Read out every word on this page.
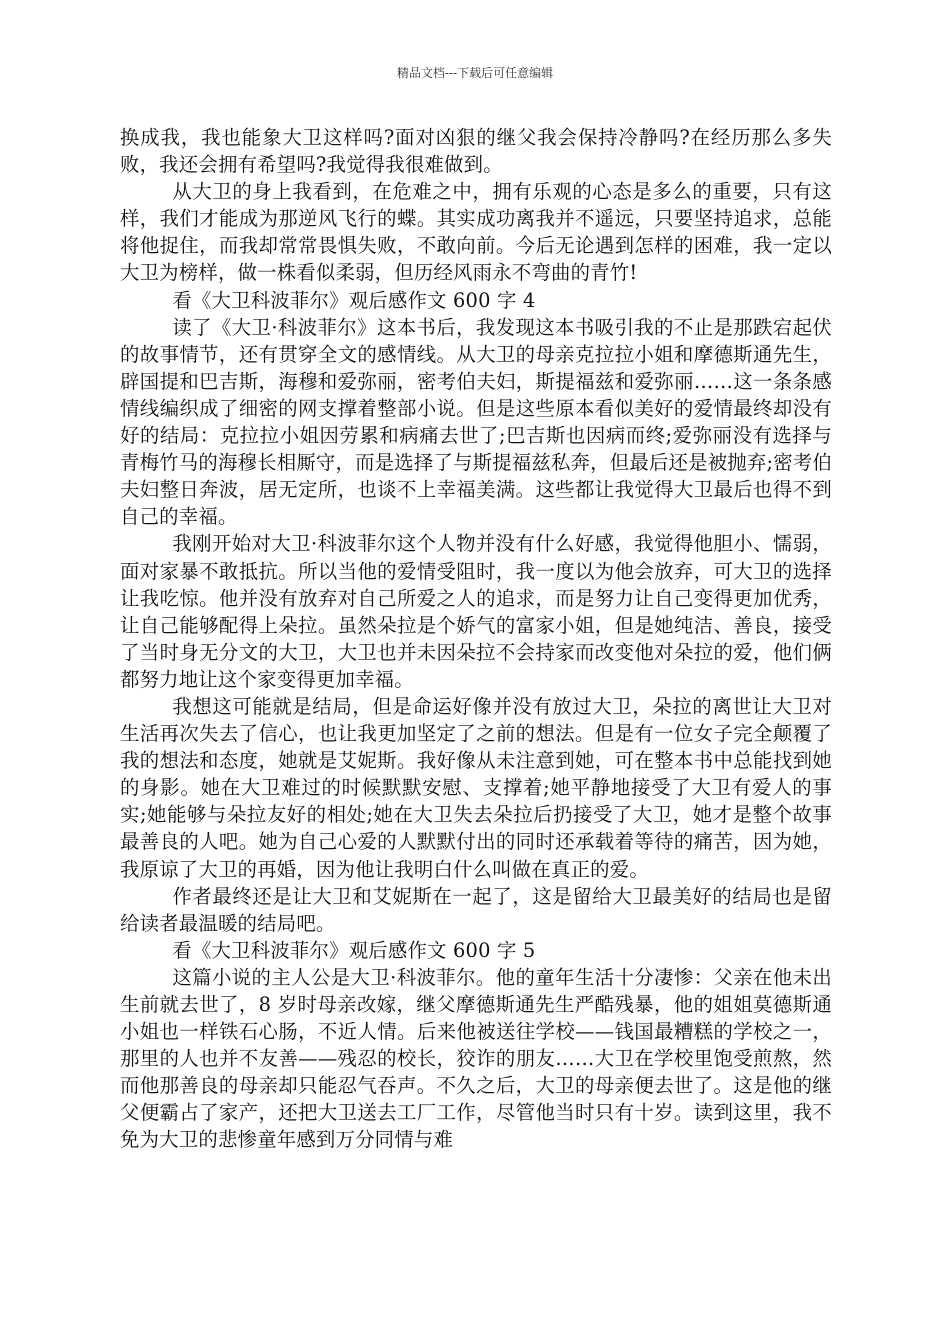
精品文档---下载后可任意编辑

换成我，我也能象大卫这样吗?面对凶狠的继父我会保持冷静吗?在经历那么多失败，我还会拥有希望吗?我觉得我很难做到。

从大卫的身上我看到，在危难之中，拥有乐观的心态是多么的重要，只有这样，我们才能成为那逆风飞行的蝶。其实成功离我并不遥远，只要坚持追求，总能将他捉住，而我却常常畏惧失败，不敢向前。今后无论遇到怎样的困难，我一定以大卫为榜样，做一株看似柔弱，但历经风雨永不弯曲的青竹!

看《大卫科波菲尔》观后感作文 600 字 4

读了《大卫·科波菲尔》这本书后，我发现这本书吸引我的不止是那跌宕起伏的故事情节，还有贯穿全文的感情线。从大卫的母亲克拉拉小姐和摩德斯通先生，辟国提和巴吉斯，海穆和爱弥丽，密考伯夫妇，斯提福兹和爱弥丽……这一条条感情线编织成了细密的网支撑着整部小说。但是这些原本看似美好的爱情最终却没有好的结局：克拉拉小姐因劳累和病痛去世了;巴吉斯也因病而终;爱弥丽没有选择与青梅竹马的海穆长相厮守，而是选择了与斯提福兹私奔，但最后还是被抛弃;密考伯夫妇整日奔波，居无定所，也谈不上幸福美满。这些都让我觉得大卫最后也得不到自己的幸福。

我刚开始对大卫·科波菲尔这个人物并没有什么好感，我觉得他胆小、懦弱，面对家暴不敢抵抗。所以当他的爱情受阻时，我一度以为他会放弃，可大卫的选择让我吃惊。他并没有放弃对自己所爱之人的追求，而是努力让自己变得更加优秀，让自己能够配得上朵拉。虽然朵拉是个娇气的富家小姐，但是她纯洁、善良，接受了当时身无分文的大卫，大卫也并未因朵拉不会持家而改变他对朵拉的爱，他们俩都努力地让这个家变得更加幸福。

我想这可能就是结局，但是命运好像并没有放过大卫，朵拉的离世让大卫对生活再次失去了信心，也让我更加坚定了之前的想法。但是有一位女子完全颠覆了我的想法和态度，她就是艾妮斯。我好像从未注意到她，可在整本书中总能找到她的身影。她在大卫难过的时候默默安慰、支撑着;她平静地接受了大卫有爱人的事实;她能够与朵拉友好的相处;她在大卫失去朵拉后扔接受了大卫，她才是整个故事最善良的人吧。她为自己心爱的人默默付出的同时还承载着等待的痛苦，因为她，我原谅了大卫的再婚，因为他让我明白什么叫做在真正的爱。

作者最终还是让大卫和艾妮斯在一起了，这是留给大卫最美好的结局也是留给读者最温暖的结局吧。

看《大卫科波菲尔》观后感作文 600 字 5

这篇小说的主人公是大卫·科波菲尔。他的童年生活十分凄惨：父亲在他未出生前就去世了，8 岁时母亲改嫁，继父摩德斯通先生严酷残暴，他的姐姐莫德斯通小姐也一样铁石心肠，不近人情。后来他被送往学校——钱国最糟糕的学校之一，那里的人也并不友善——残忍的校长，狡诈的朋友……大卫在学校里饱受煎熬，然而他那善良的母亲却只能忍气吞声。不久之后，大卫的母亲便去世了。这是他的继父便霸占了家产，还把大卫送去工厂工作，尽管他当时只有十岁。读到这里，我不免为大卫的悲惨童年感到万分同情与难
